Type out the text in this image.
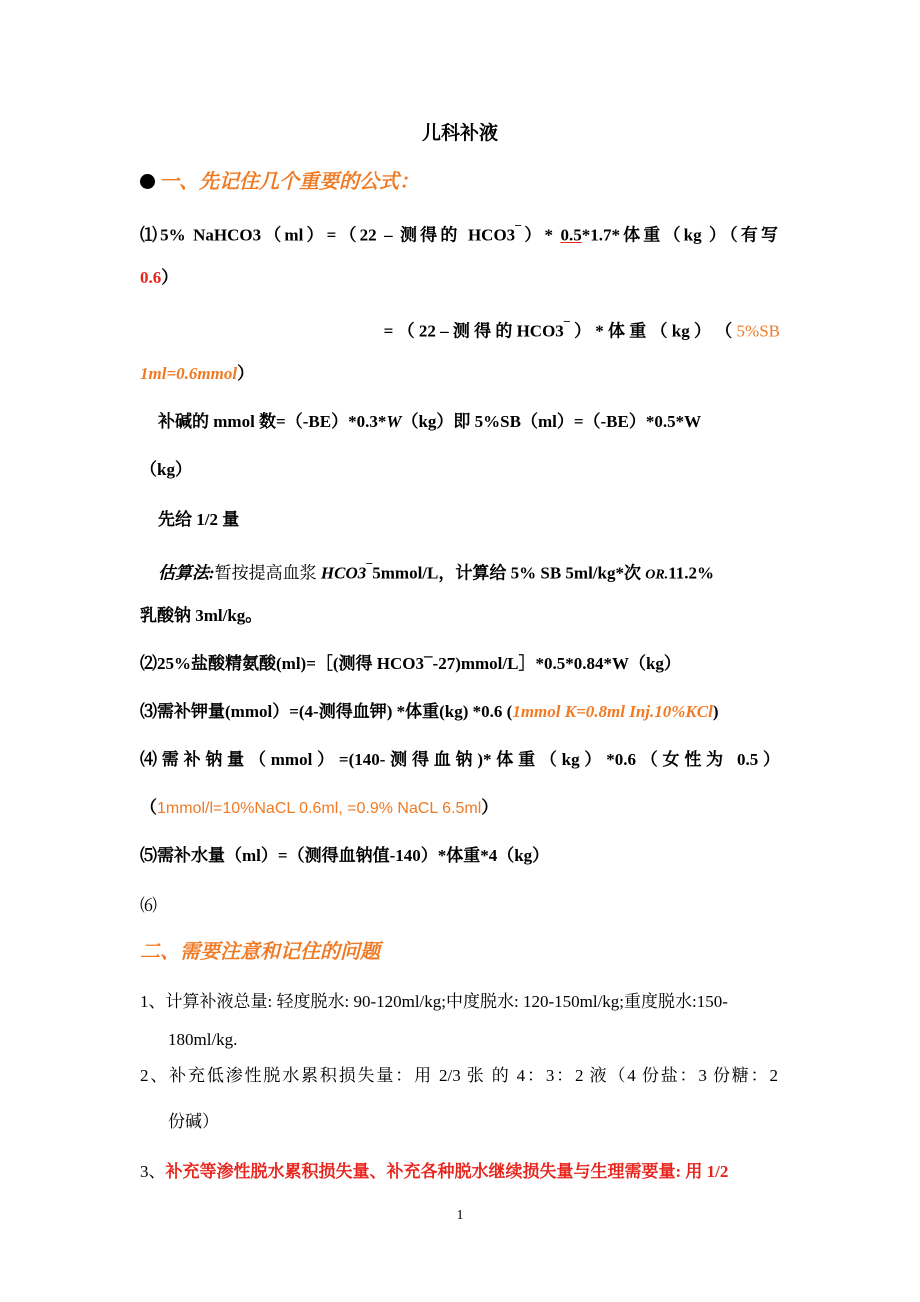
儿科补液
一、先记住几个重要的公式：
⑴5% NaHCO3（ml）=（22 – 测得的 HCO3¯）* 0.5*1.7*体重（kg ）（有写
0.6）
= （ 22 – 测 得 的 HCO3¯ ） * 体 重 （ kg ） （ 5%SB
1ml=0.6mmol）
补碱的 mmol 数=（-BE）*0.3*W（kg）即 5%SB（ml）=（-BE）*0.5*W
（kg）
先给 1/2 量
估算法:暂按提高血浆 HCO3¯5mmol/L，计算给 5% SB 5ml/kg*次 OR.11.2%
乳酸钠 3ml/kg。
⑵25%盐酸精氨酸(ml)=［(测得 HCO3¯-27)mmol/L］*0.5*0.84*W（kg）
⑶需补钾量(mmol）=(4-测得血钾) *体重(kg) *0.6 (1mmol K=0.8ml Inj.10%KCl)
⑷需补钠量（mmol）=(140-测得血钠)*体重（kg）*0.6（女性为 0.5）
（1mmol/l=10%NaCL 0.6ml, =0.9% NaCL 6.5ml）
⑸需补水量（ml）=（测得血钠值-140）*体重*4（kg）
⑹
二、需要注意和记住的问题
1、计算补液总量: 轻度脱水: 90-120ml/kg;中度脱水: 120-150ml/kg;重度脱水:150-
180ml/kg.
2、补充低渗性脱水累积损失量：用 2/3 张 的 4：3：2 液（4 份盐：3 份糖：2
份碱）
3、补充等渗性脱水累积损失量、补充各种脱水继续损失量与生理需要量: 用 1/2
1
